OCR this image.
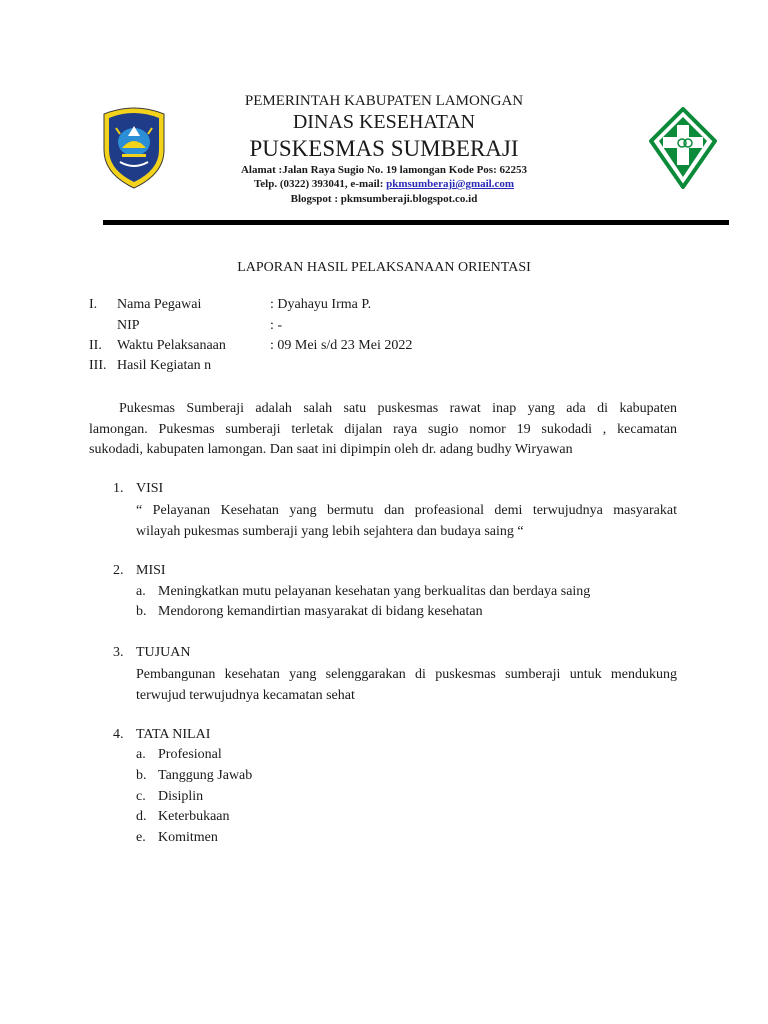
PEMERINTAH KABUPATEN LAMONGAN
DINAS KESEHATAN
PUSKESMAS SUMBERAJI
Alamat :Jalan Raya Sugio No. 19 lamongan Kode Pos: 62253
Telp. (0322) 393041, e-mail: pkmsumberaji@gmail.com
Blogspot : pkmsumberaji.blogspot.co.id
LAPORAN HASIL PELAKSANAAN ORIENTASI
I. Nama Pegawai	: Dyahayu Irma P.
NIP	: -
II. Waktu Pelaksanaan	: 09 Mei s/d 23 Mei 2022
III. Hasil Kegiatan n
Pukesmas Sumberaji adalah salah satu puskesmas rawat inap yang ada di kabupaten
lamongan. Pukesmas sumberaji terletak dijalan raya sugio nomor 19 sukodadi , kecamatan
sukodadi, kabupaten lamongan. Dan saat ini dipimpin oleh dr. adang budhy Wiryawan
1. VISI
“ Pelayanan Kesehatan yang bermutu dan profeasional demi terwujudnya masyarakat
wilayah pukesmas sumberaji yang lebih sejahtera dan budaya saing “
2. MISI
a. Meningkatkan mutu pelayanan kesehatan yang berkualitas dan berdaya saing
b. Mendorong kemandirtian masyarakat di bidang kesehatan
3. TUJUAN
Pembangunan kesehatan yang selenggarakan di puskesmas sumberaji untuk mendukung
terwujud terwujudnya kecamatan sehat
4. TATA NILAI
a. Profesional
b. Tanggung Jawab
c. Disiplin
d. Keterbukaan
e. Komitmen
